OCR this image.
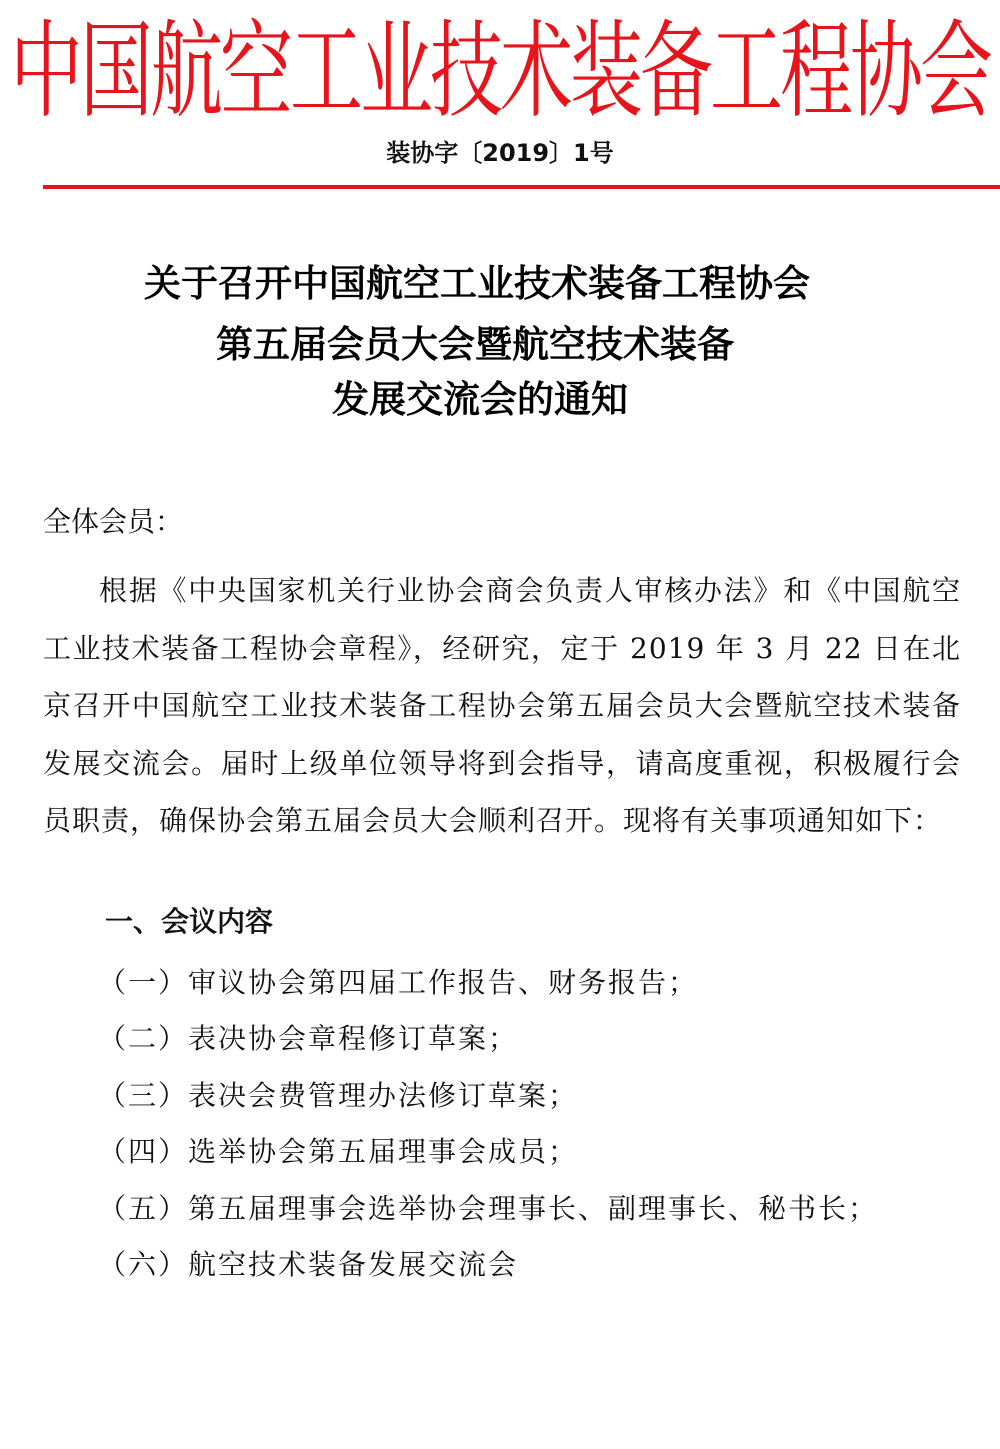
中国航空工业技术装备工程协会
装协字〔2019〕1号
关于召开中国航空工业技术装备工程协会
第五届会员大会暨航空技术装备
发展交流会的通知
全体会员：
根据《中央国家机关行业协会商会负责人审核办法》和《中国航空工业技术装备工程协会章程》，经研究，定于 2019 年 3 月 22 日在北京召开中国航空工业技术装备工程协会第五届会员大会暨航空技术装备发展交流会。届时上级单位领导将到会指导，请高度重视，积极履行会员职责，确保协会第五届会员大会顺利召开。现将有关事项通知如下：
一、会议内容
（一）审议协会第四届工作报告、财务报告；
（二）表决协会章程修订草案；
（三）表决会费管理办法修订草案；
（四）选举协会第五届理事会成员；
（五）第五届理事会选举协会理事长、副理事长、秘书长；
（六）航空技术装备发展交流会
